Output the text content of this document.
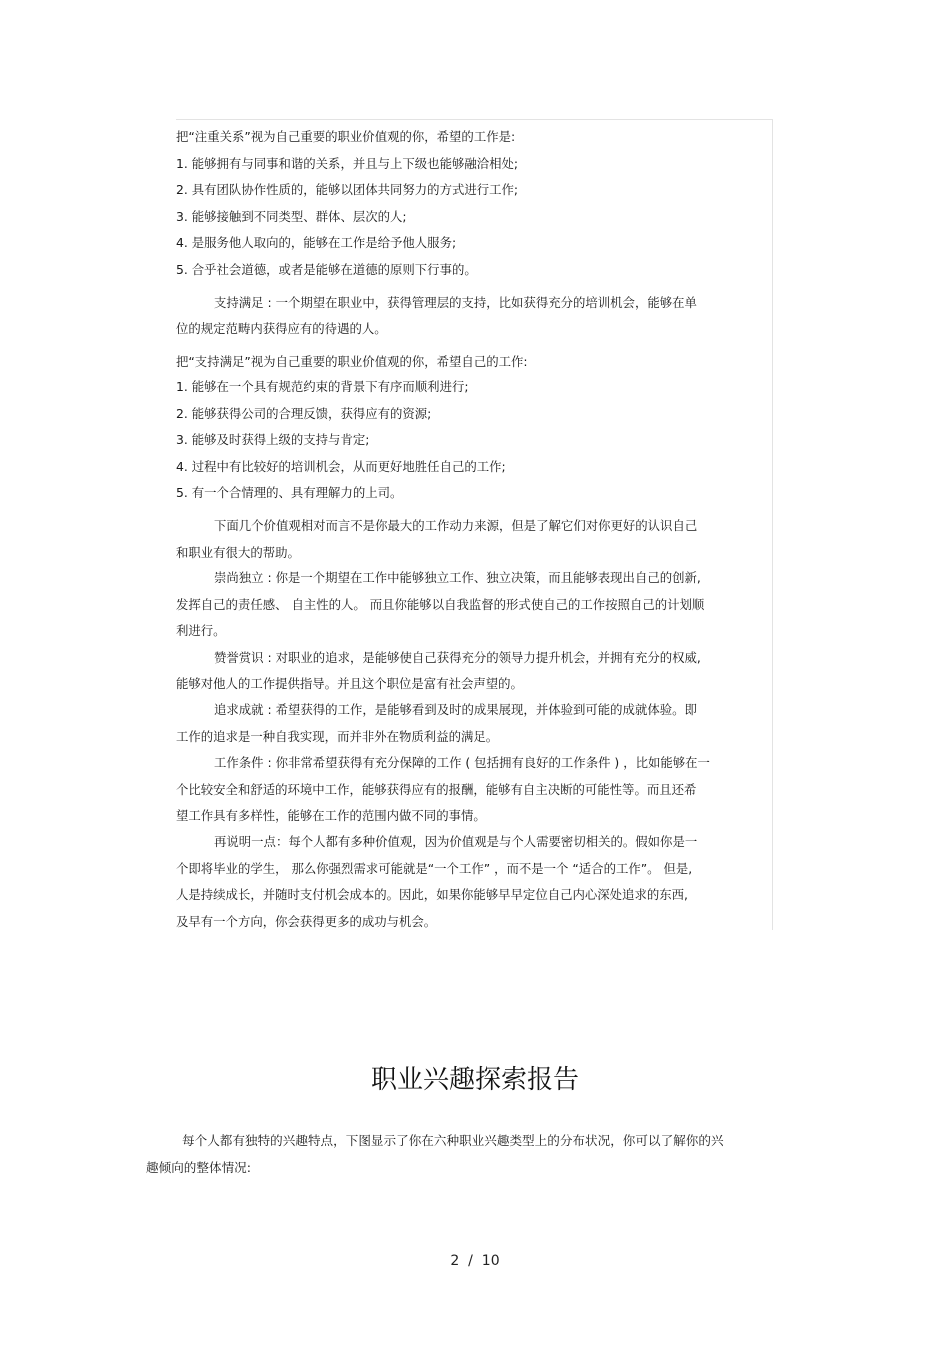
把“注重关系”视为自己重要的职业价值观的你，希望的工作是:
1. 能够拥有与同事和谐的关系，并且与上下级也能够融洽相处;
2. 具有团队协作性质的，能够以团体共同努力的方式进行工作;
3. 能够接触到不同类型、群体、层次的人;
4. 是服务他人取向的，能够在工作是给予他人服务;
5. 合乎社会道德，或者是能够在道德的原则下行事的。
支持满足 : 一个期望在职业中，获得管理层的支持，比如获得充分的培训机会，能够在单
位的规定范畴内获得应有的待遇的人。
把“支持满足”视为自己重要的职业价值观的你，希望自己的工作:
1. 能够在一个具有规范约束的背景下有序而顺利进行;
2. 能够获得公司的合理反馈，获得应有的资源;
3. 能够及时获得上级的支持与肯定;
4. 过程中有比较好的培训机会，从而更好地胜任自己的工作;
5. 有一个合情理的、具有理解力的上司。
下面几个价值观相对而言不是你最大的工作动力来源，但是了解它们对你更好的认识自己
和职业有很大的帮助。
崇尚独立 : 你是一个期望在工作中能够独立工作、独立决策，而且能够表现出自己的创新,
发挥自己的责任感、 自主性的人。 而且你能够以自我监督的形式使自己的工作按照自己的计划顺
利进行。
赞誉赏识 : 对职业的追求，是能够使自己获得充分的领导力提升机会，并拥有充分的权威,
能够对他人的工作提供指导。并且这个职位是富有社会声望的。
追求成就 : 希望获得的工作，是能够看到及时的成果展现，并体验到可能的成就体验。即
工作的追求是一种自我实现，而并非外在物质利益的满足。
工作条件 : 你非常希望获得有充分保障的工作 ( 包括拥有良好的工作条件 ) ，比如能够在一
个比较安全和舒适的环境中工作，能够获得应有的报酬，能够有自主决断的可能性等。而且还希
望工作具有多样性，能够在工作的范围内做不同的事情。
再说明一点：每个人都有多种价值观，因为价值观是与个人需要密切相关的。假如你是一
个即将毕业的学生， 那么你强烈需求可能就是“一个工作” ，而不是一个 “适合的工作”。 但是,
人是持续成长，并随时支付机会成本的。因此，如果你能够早早定位自己内心深处追求的东西,
及早有一个方向，你会获得更多的成功与机会。
职业兴趣探索报告
每个人都有独特的兴趣特点，下图显示了你在六种职业兴趣类型上的分布状况，你可以了解你的兴
趣倾向的整体情况:
2  /  10
